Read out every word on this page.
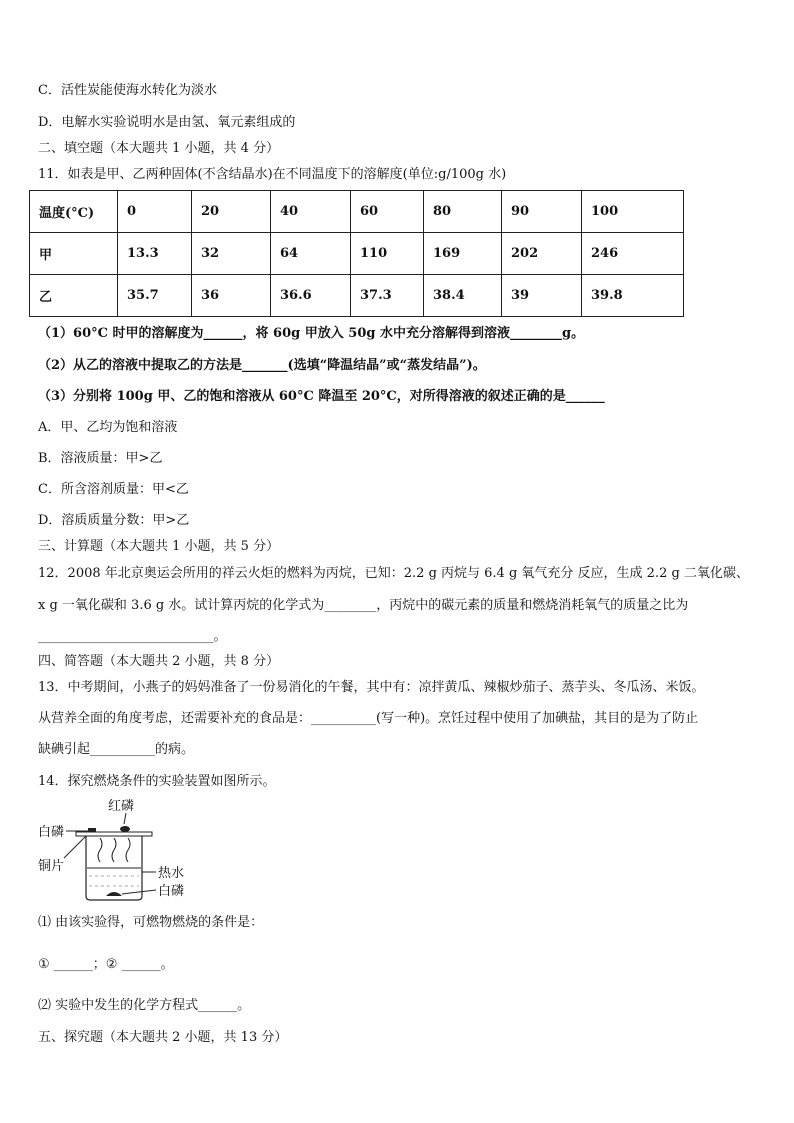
C．活性炭能使海水转化为淡水
D．电解水实验说明水是由氢、氧元素组成的
二、填空题（本大题共 1 小题，共 4 分）
11．如表是甲、乙两种固体(不含结晶水)在不同温度下的溶解度(单位:g/100g 水)
温度(°C)	0	20	40	60	80	90	100
甲	13.3	32	64	110	169	202	246
乙	35.7	36	36.6	37.3	38.4	39	39.8
（1）60°C 时甲的溶解度为______，将 60g 甲放入 50g 水中充分溶解得到溶液________g。
（2）从乙的溶液中提取乙的方法是_______(选填“降温结晶”或“蒸发结晶”)。
（3）分别将 100g 甲、乙的饱和溶液从 60°C 降温至 20°C，对所得溶液的叙述正确的是______
A．甲、乙均为饱和溶液
B．溶液质量：甲>乙
C．所含溶剂质量：甲<乙
D．溶质质量分数：甲>乙
三、计算题（本大题共 1 小题，共 5 分）
12．2008 年北京奥运会所用的祥云火炬的燃料为丙烷，已知：2.2 g 丙烷与 6.4 g 氧气充分 反应，生成 2.2 g 二氧化碳、
x g 一氧化碳和 3.6 g 水。试计算丙烷的化学式为________，丙烷中的碳元素的质量和燃烧消耗氧气的质量之比为
___________________________。
四、简答题（本大题共 2 小题，共 8 分）
13．中考期间，小燕子的妈妈准备了一份易消化的午餐，其中有：凉拌黄瓜、辣椒炒茄子、蒸芋头、冬瓜汤、米饭。
从营养全面的角度考虑，还需要补充的食品是：__________(写一种)。烹饪过程中使用了加碘盐，其目的是为了防止
缺碘引起__________的病。
14．探究燃烧条件的实验装置如图所示。
红磷
白磷
铜片	热水
白磷
⑴ 由该实验得，可燃物燃烧的条件是：
① ______；② ______。
⑵ 实验中发生的化学方程式______。
五、探究题（本大题共 2 小题，共 13 分）
